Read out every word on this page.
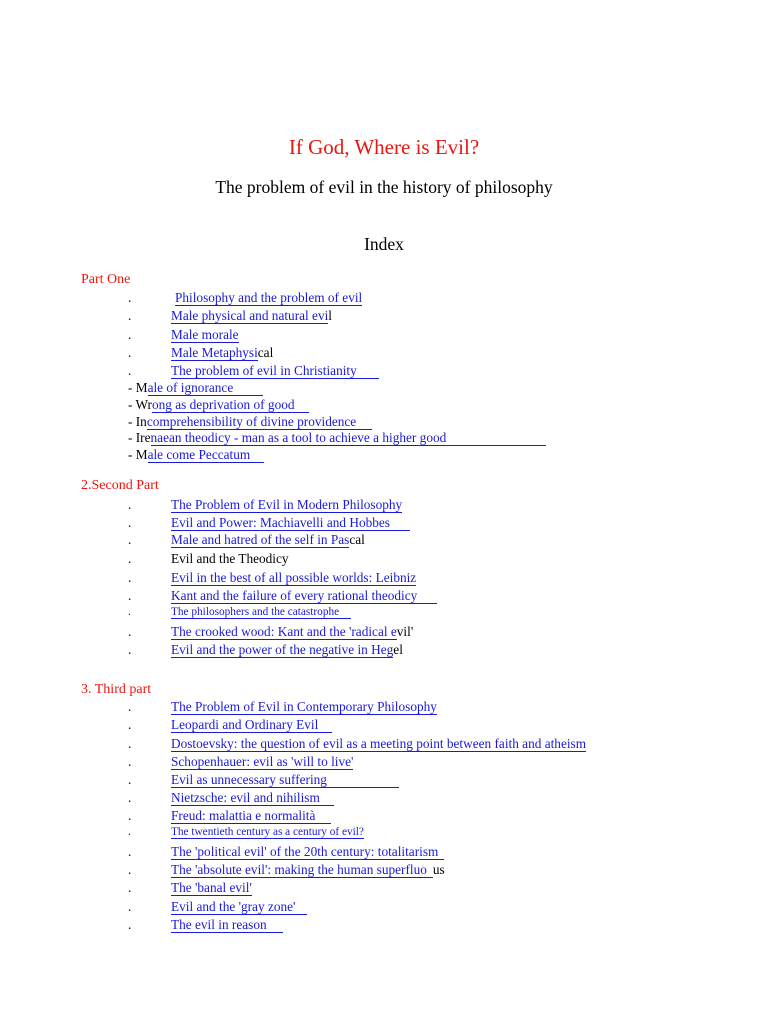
If God, Where is Evil?
The problem of evil in the history of philosophy
Index
Part One
.	Philosophy and the problem of evil
.	Male physical and natural evil
.	Male morale
.	Male Metaphysical
.	The problem of evil in Christianity
- Male of ignorance
- Wrong as deprivation of good
- Incomprehensibility of divine providence
- Irenaean theodicy - man as a tool to achieve a higher good
- Male come Peccatum
2.Second Part
.	The Problem of Evil in Modern Philosophy
.	Evil and Power: Machiavelli and Hobbes
.	Male and hatred of the self in Pascal
.	Evil and the Theodicy
.	Evil in the best of all possible worlds: Leibniz
.	Kant and the failure of every rational theodicy
.	The philosophers and the catastrophe
.	The crooked wood: Kant and the 'radical evil'
.	Evil and the power of the negative in Hegel
3. Third part
.	The Problem of Evil in Contemporary Philosophy
.	Leopardi and Ordinary Evil
.	Dostoevsky: the question of evil as a meeting point between faith and atheism
.	Schopenhauer: evil as 'will to live'
.	Evil as unnecessary suffering
.	Nietzsche: evil and nihilism
.	Freud: malattia e normalità
.	The twentieth century as a century of evil?
.	The 'political evil' of the 20th century: totalitarism
.	The 'absolute evil': making the human superfluo us
.	The 'banal evil'
.	Evil and the 'gray zone'
.	The evil in reason
